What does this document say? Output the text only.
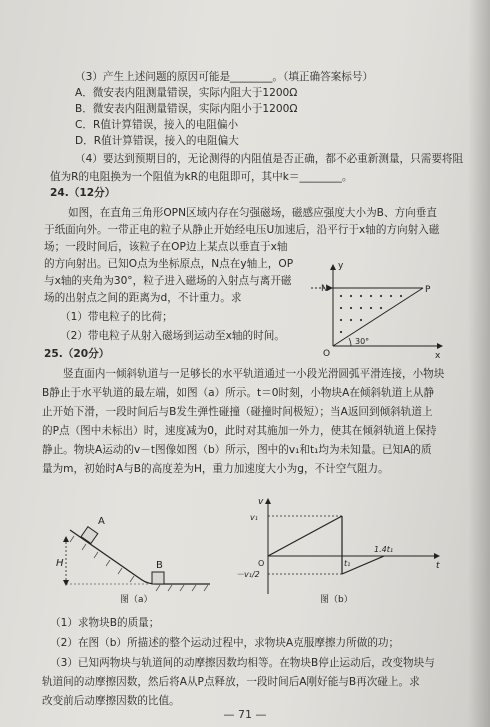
（3）产生上述问题的原因可能是________。（填正确答案标号）
A．微安表内阻测量错误，实际内阻大于1200Ω
B．微安表内阻测量错误，实际内阻小于1200Ω
C．R值计算错误，接入的电阻偏小
D．R值计算错误，接入的电阻偏大
（4）要达到预期目的，无论测得的内阻值是否正确，都不必重新测量，只需要将阻
值为R的电阻换为一个阻值为kR的电阻即可，其中k＝________。
24.（12分）
如图，在直角三角形OPN区域内存在匀强磁场，磁感应强度大小为B、方向垂直
于纸面向外。一带正电的粒子从静止开始经电压U加速后，沿平行于x轴的方向射入磁
场；一段时间后，该粒子在OP边上某点以垂直于x轴
的方向射出。已知O点为坐标原点，N点在y轴上，OP
与x轴的夹角为30°，粒子进入磁场的入射点与离开磁
场的出射点之间的距离为d，不计重力。求
（1）带电粒子的比荷；
（2）带电粒子从射入磁场到运动至x轴的时间。
y
N	P
O
30°
x
25.（20分）
竖直面内一倾斜轨道与一足够长的水平轨道通过一小段光滑圆弧平滑连接，小物块
B静止于水平轨道的最左端，如图（a）所示。t＝0时刻，小物块A在倾斜轨道上从静
止开始下滑，一段时间后与B发生弹性碰撞（碰撞时间极短）；当A返回到倾斜轨道上
的P点（图中未标出）时，速度减为0，此时对其施加一外力，使其在倾斜轨道上保持
静止。物块A运动的v－t图像如图（b）所示，图中的v₁和t₁均为未知量。已知A的质
量为m，初始时A与B的高度差为H，重力加速度大小为g，不计空气阻力。
A
H	B
图（a）
v
v₁
O	t₁
1.4t₁
t
－v₁/2
图（b）
（1）求物块B的质量；
（2）在图（b）所描述的整个运动过程中，求物块A克服摩擦力所做的功；
（3）已知两物块与轨道间的动摩擦因数均相等。在物块B停止运动后，改变物块与
轨道间的动摩擦因数，然后将A从P点释放，一段时间后A刚好能与B再次碰上。求
改变前后动摩擦因数的比值。
— 71 —
